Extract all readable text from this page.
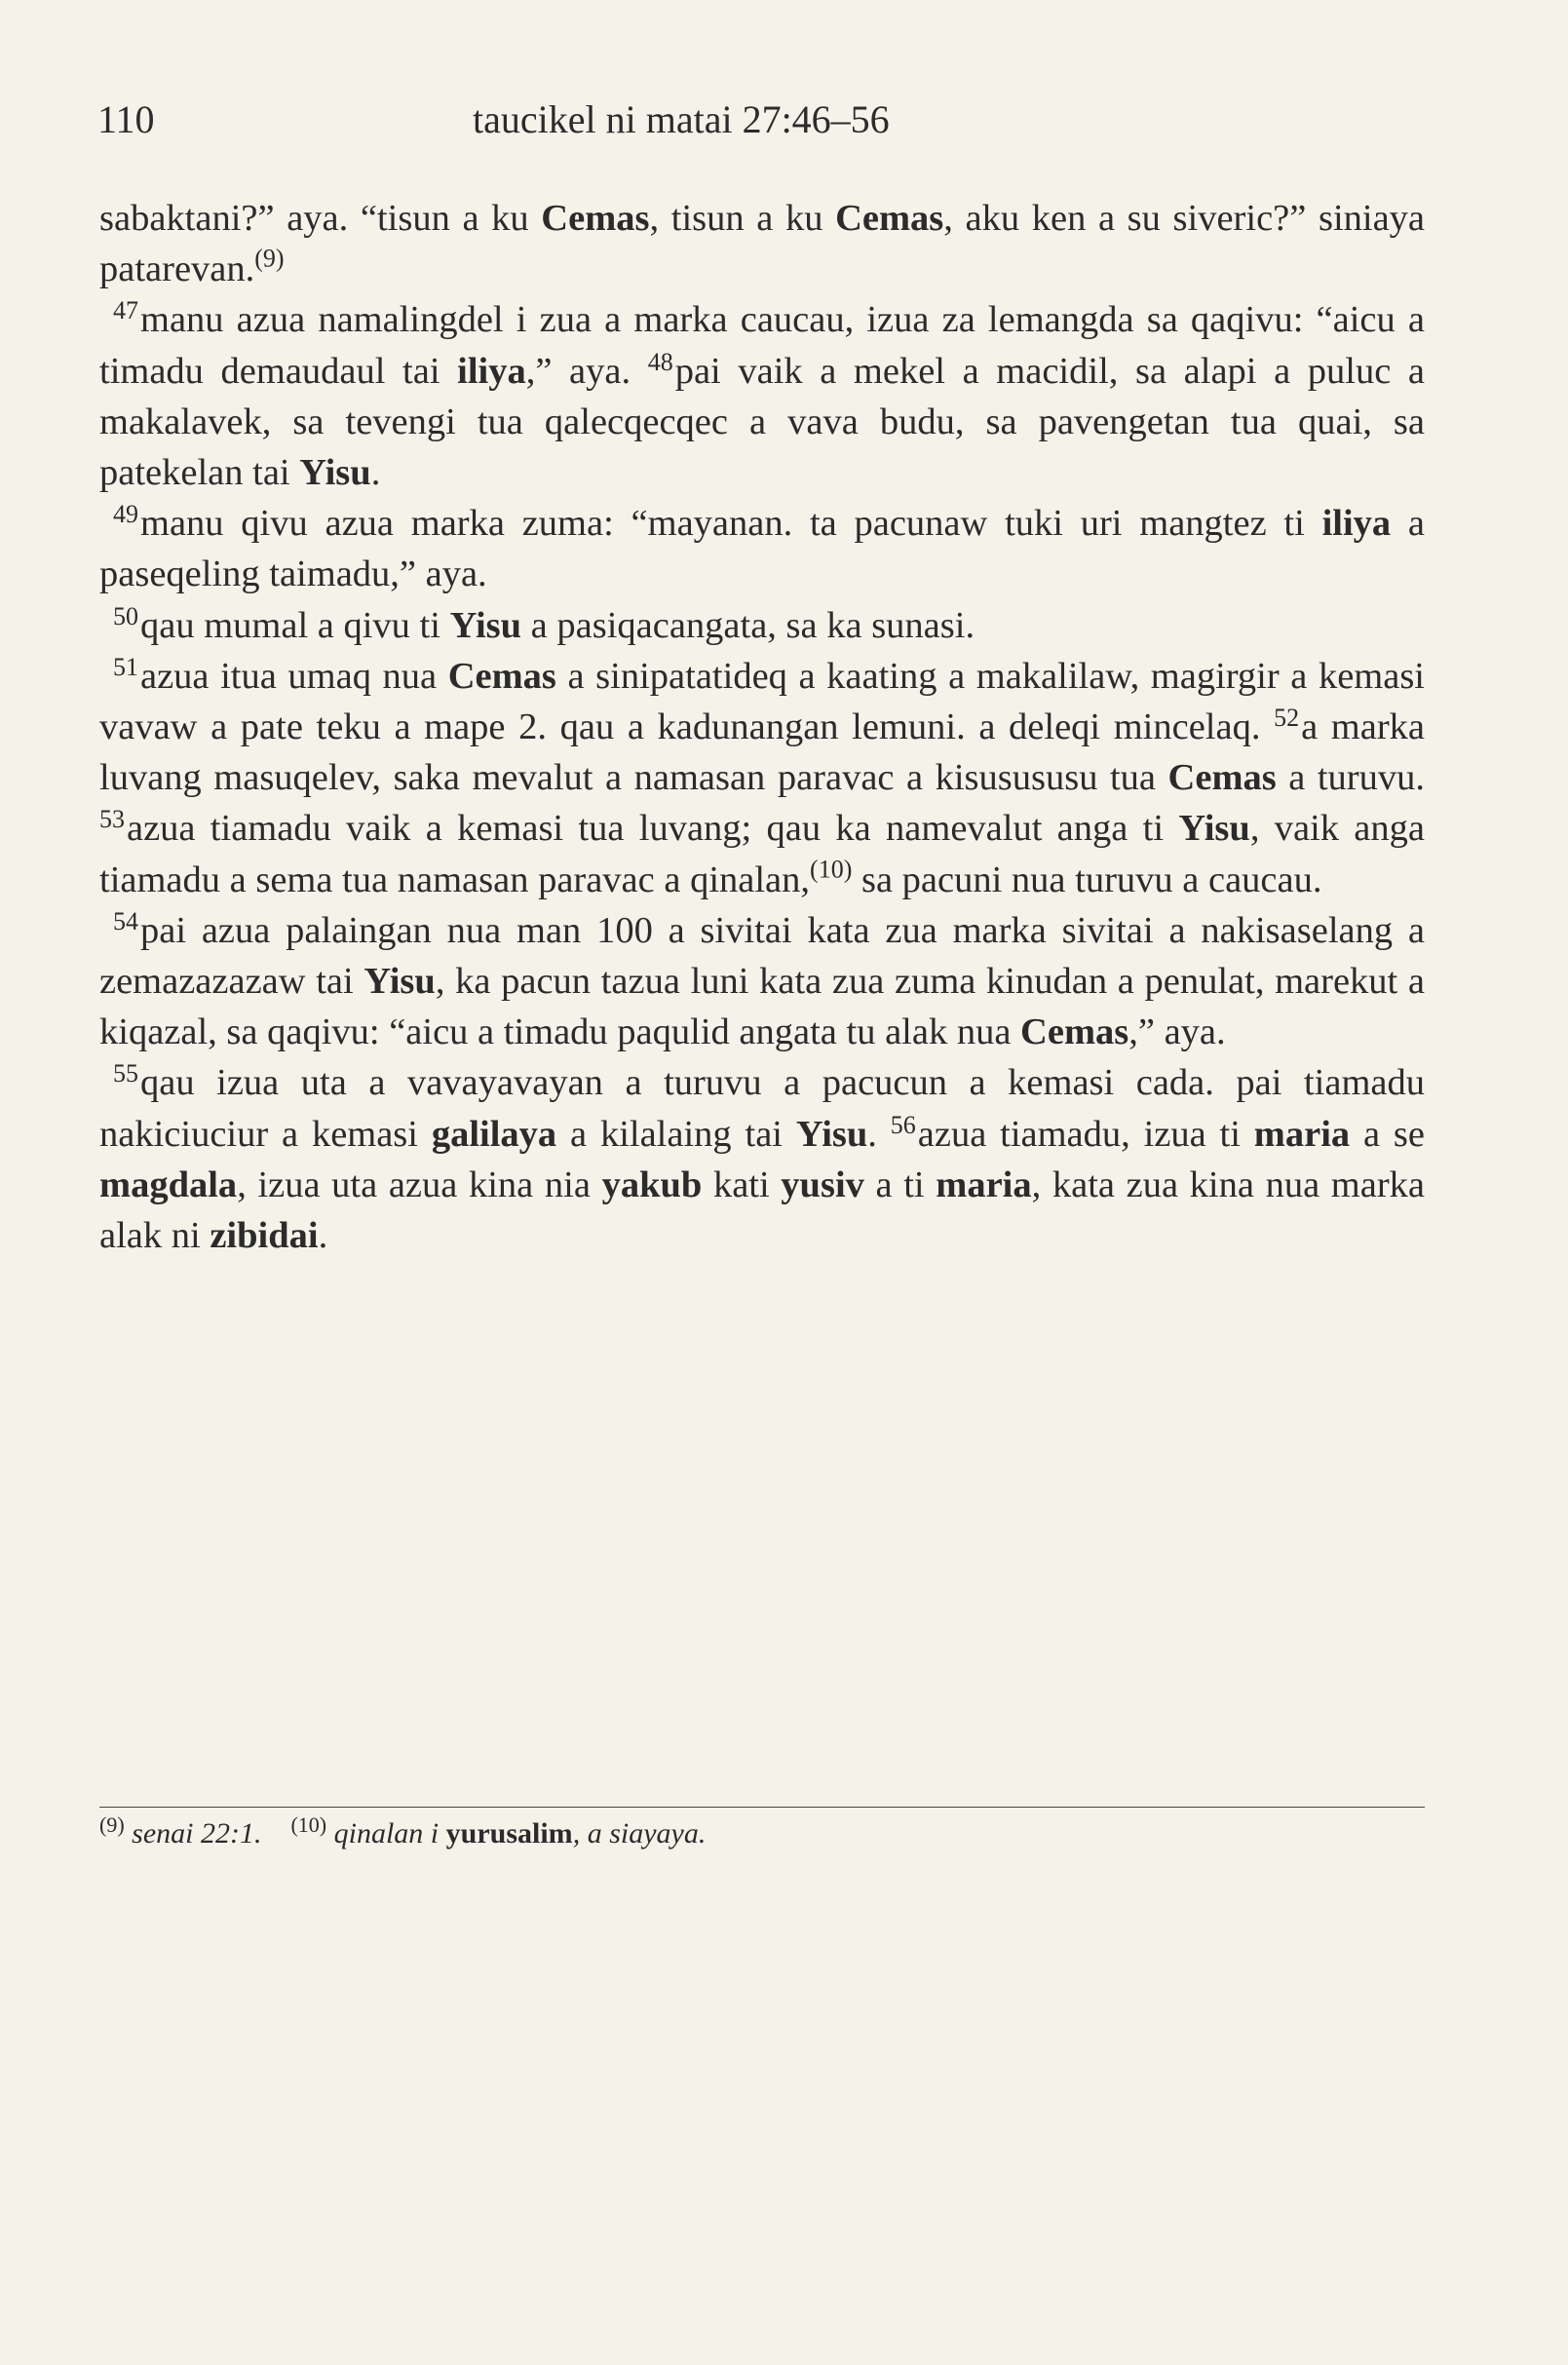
110	taucikel ni matai 27:46–56

sabaktani?” aya. “tisun a ku Cemas, tisun a ku Cemas, aku ken a su siveric?” siniaya patarevan.$^{(9)}$

$^{47}$manu azua namalingdel i zua a marka caucau, izua za lemangda sa qaqivu: “aicu a timadu demaudaul tai iliya,” aya. $^{48}$pai vaik a mekel a macidil, sa alapi a puluc a makalavek, sa tevengi tua qalecqecqec a vava budu, sa pavengetan tua quai, sa patekelan tai Yisu.

$^{49}$manu qivu azua marka zuma: “mayanan. ta pacunaw tuki uri mangtez ti iliya a paseqeling taimadu,” aya.

$^{50}$qau mumal a qivu ti Yisu a pasiqacangata, sa ka sunasi.

$^{51}$azua itua umaq nua Cemas a sinipatatideq a kaating a makalilaw, magirgir a kemasi vavaw a pate teku a mape 2. qau a kadunangan lemuni. a deleqi mincelaq. $^{52}$a marka luvang masuqelev, saka mevalut a namasan paravac a kisusususu tua Cemas a turuvu. $^{53}$azua tiamadu vaik a kemasi tua luvang; qau ka namevalut anga ti Yisu, vaik anga tiamadu a sema tua namasan paravac a qinalan,$^{(10)}$ sa pacuni nua turuvu a caucau.

$^{54}$pai azua palaingan nua man 100 a sivitai kata zua marka sivitai a nakisaselang a zemazazazaw tai Yisu, ka pacun tazua luni kata zua zuma kinudan a penulat, marekut a kiqazal, sa qaqivu: “aicu a timadu paqulid angata tu alak nua Cemas,” aya.

$^{55}$qau izua uta a vavayavayan a turuvu a pacucun a kemasi cada. pai tiamadu nakiciuciur a kemasi galilaya a kilalaing tai Yisu. $^{56}$azua tiamadu, izua ti maria a se magdala, izua uta azua kina nia yakub kati yusiv a ti maria, kata zua kina nua marka alak ni zibidai.

$^{(9)}$ senai 22:1. $^{(10)}$ qinalan i yurusalim, a siayaya.
